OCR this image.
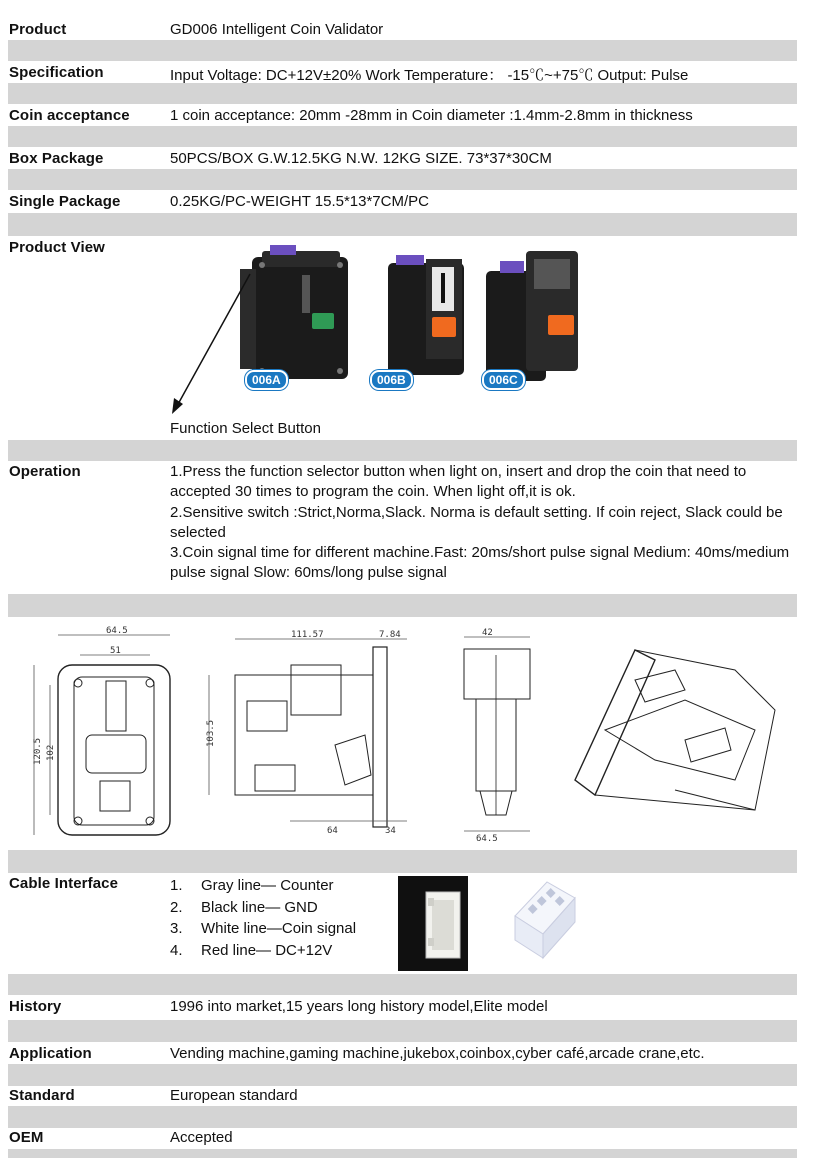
Product	GD006 Intelligent Coin Validator
Specification	Input Voltage: DC+12V±20% Work Temperature： -15℃~+75℃ Output: Pulse
Coin acceptance	1 coin acceptance: 20mm -28mm in Coin diameter :1.4mm-2.8mm in thickness
Box Package	50PCS/BOX G.W.12.5KG N.W. 12KG SIZE. 73*37*30CM
Single Package	0.25KG/PC-WEIGHT 15.5*13*7CM/PC
Product View
006A	006B	006C
Function Select Button
Operation	1.Press the function selector button when light on, insert and drop the coin that need to accepted 30 times to program the coin. When light off,it is ok.
2.Sensitive switch :Strict,Norma,Slack. Norma is default setting. If coin reject, Slack could be selected
3.Coin signal time for different machine.Fast: 20ms/short pulse signal Medium: 40ms/medium pulse signal Slow: 60ms/long pulse signal
64.5
51
120.5 102
111.57	7.84
103.5
64	34
42
64.5
Cable Interface	1. Gray line— Counter
2. Black line— GND
3. White line—Coin signal
4. Red line— DC+12V
History	1996 into market,15 years long history model,Elite model
Application	Vending machine,gaming machine,jukebox,coinbox,cyber café,arcade crane,etc.
Standard	European standard
OEM	Accepted
